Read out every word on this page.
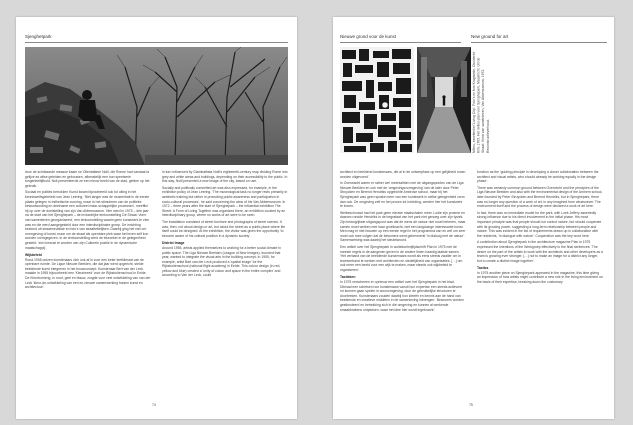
Sjenghetpark

door de schrikaarde measue kaam ne Olienbattme Nolli, die Ronne had vandaal la gelijve as wilse geleiden en gebouwen, afkenstelijk een hun speelserie tungenbeltijthold. Noll presenteerde ze een nieuw beeld van de stad, gebine op het gebruik.

Sociaal en politiek betrokken Kunst kwam bijvoorbeeld ook tot uiting in het kenniswelfsgebeleid van Jean Leering. 'Niet langer was de museeltrait in de eerste plaats gelegen in esthetische cunning, maar in het stimuleren van de politieke bewustwording en deelname een cultureel maar-schappelijke processen', meeffini hij op over de doelstelling van zijn Van Abbemuseum. Hier werd in 1975 – drie jaar na de start van het Sjenghepark – de invloedrijke tentoonstelling De Straat: Vorm van samenleven georganiseerd, een tentoonstelling waarin geen kunstwerk te zien was en die werd aangegesteld door een interdisciplinaire groep. De inrichting bestond uit straatmeubilair en foto's van straatteftelijken. Daarbij ging het niet om normgeving of kunst, maar om de straat als openbare plek waar het leven zelf kon worden vormgegeven. In de tentoonstelling werd de bezoeker in de gelegenheid gesteld: 'zich bewust te worden van zijn Culturele positie in de dynamische maatschappij'.

Wijkbeleid

Rond 1955 ontzen kunstenaars zich ook af in voor een beter leefklimaat van de openbare ruimte. De Ligue Nieuwe Beelden, die dat jaar werd opgericht, stelde beeldende kunst integreren in het bouwconcept. Kunstenaar Bert van der Leck maakte in 1955 bijvoorbeeld een 'Kleurbreed' voor de Rijksbuitenschool in Eelde. De Kleurbomeng, in rood, geel en blauw, zorgde voor veel ontwikkeling van van der Leck 'kleur-de-ontwikkeling van een en-nieuwe samenwerking tussen kunst en architectuur'.

in turn influenced by Giambattista Nolli's eighteenth-century map dividing Rome into grey and white areas and buildings, depending on their accessibility to the public. In this way, Nolli presented a new image of the city, based on use.

Socially and politically committed art was also expressed, for example, in the exhibition policy of Jean Leering. 'The museological task no longer rests primarily in aesthetic training but rather in promoting public awareness and participation in socio-cultural processes', he said concerning the aims of his Van Abbemuseum. In 1972 – three years after the start of Sjenghepark – the influential exhibition The Street: A Form of Living Together was organized there, an exhibition curated by an interdisciplinary group, where no works of art were to be seen.

The installation consisted of street furniture and photographs of street scenes. It was, then, not about design or art, but about the street as a public place where life itself could be designed. At the exhibition, the visitor was given the opportunity 'to become aware of his cultural position in a dynamic society'.

District Image

Around 1955, artists applied themselves to working for a better social climate in public space. The Liga Nieuwe Beelden (League of New Images), founded that year, wanted to integrate the visual arts in the building concept. In 1955, for example, artist Bart van der Leck produced a 'spatial image' for the Rijksbuitenschool (national flight academy) in Eelde. This colour design (in red, yellow and blue) created a 'unity of colour and space in the entire complex' and according to Van der Leck, could

74
Nieuwe grond voor de kunst	New ground for art
Milieu, excellentiel 'Living City'. Foto's en foto Kragstede, Occidente Krill, 1765. Het milieu-plan voor Sjenghepark, Maastricht. Uit de Straat: Vorm van samenleven, Van Abbemuseum, 1972. Reconstructieverhoud.

architect en beeldend kunstenaars, die al in de ontwerpfase op een gelijkheid moen worden uitgevoerd'.

In Overwacht waren er rather wel meerkalfden met de uitgangspunten van de Liga Nieuwe Beelden en ook met de 'omgevingsvormgeving' van de later door Peter Struycken en Berend Hendriks opgerichte Ambrose school, maar bij het Sjenghepark was geen sprake meer van een kunstwerk in welke gelegenheid vorm dan ook. De omgeving zelf en het proces tot inrichting, werden hier het kunstwerk te boven.

Welbeschouwd had het park geen nieuwe maatschalen meer. Lodie zijn proeme en daarom rondde Hendriks in de begrafaat van het park niet genoeg over zijn fysiek. Zijn belangrijkste uitgangspunt was dat de mens de natuur niet moet beheren, maar samen moet werken met haar groeikracht, niet een langduinge interessante kunst. Men mag er niet bouwen op een eerste regel in het programma van en wel om zeer moet ook mee volgen dat de bewoners werd gekenmerkt 'in dialoog met de natuur'. Samenwerking was daarbij het sleutelwoord.

Een artikel over het Sjenghepark in woltekuelnrijtijdschrift Plan in 1975 met de meeste regels in de aangeven geven in de andere limen haardig laatste samen. 'Het verband van de beeldende kunstenaars wordt als eens steeds zwaller om in teamverband te werken met architecten en stedelijkheid van organisaties. […] om ook meer een beeld voor een wijk te maken, maar steeds ook wijkbeleid te organiseren'.

Tactieken

In 1975 verschenen er opnieuw een artikel over het Sjenghepark in het blad. Ditmaal een schetsen hoe kunstenaars vanuit hun expertise een steeds actievere rol kunnen gaan spelen in woonomgeving, door de gebruikelijke structuren te doorbreken. Kunstenaars zouden daarbij hun ideeën en kennis aan de hand van beeldende en creatieve middelen in de samenleving inbrengen: 'Bewoners worden gestimuleerd en betrekking zich in die omgeving en kunnen al werkende smaakbrakens ontplutsen, waar het idee hier wordt ingebracht.'

function as the 'guiding principle in developing a closer collaboration between the architect and visual artists, who should already be working equally in the design phase'.

There was certainly common ground between Overvecht and the principles of the Liga Nieuwe Beelden and also with the environmental design of the Arnhem school, later founded by Peter Struycken and Berend Hendriks, but in Sjenghepark, there was no longer any question of a work of art, in any imagined form whatsoever. The environment itself and the process of design were declared a work of art here.

In fact, there was no immediate model for the park, with Loek Jeffery assertedly strong influence due to his direct involvement in the initial phase. His most important principle was that people should not control nature, but should cooperate with its growing power, suggesting a long-term relationship between people and nature. This was evident in the list of requirements drawn up in collaboration with the residents, 'in dialogue with nature'. Cooperation was the key word here.

A contribution about Sjenghepark in the architecture magazine Plan in 1975 expressed the intentions of the Werkgroep effectively in the final sentences: 'The desire on the part of the artists to work with the architects and other developers as a team is growing ever stronger. […] not to make an image for a district any longer, but to create a district image together'.

Tactics

In 1975 another piece on Sjenghepark appeared in the magazine, this time giving an impression of how artists might contribute a new role in the living environment on the basis of their expertise, breaking down the customary

75
